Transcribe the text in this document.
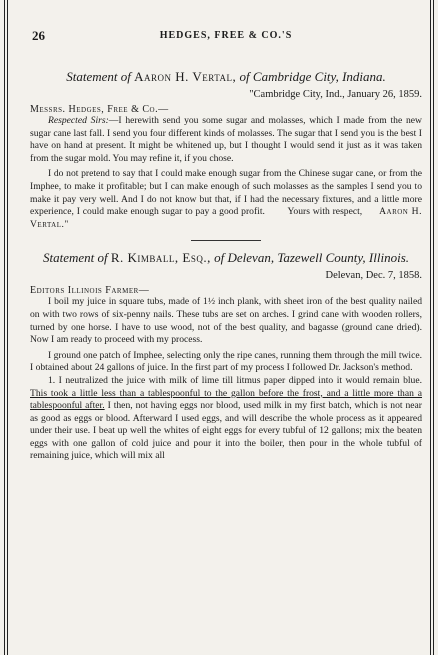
26	HEDGES, FREE & CO.'S
Statement of Aaron H. Vertal, of Cambridge City, Indiana.
"Cambridge City, Ind., January 26, 1859.
Messrs. Hedges, Free & Co.—

Respected Sirs:—I herewith send you some sugar and molasses, which I made from the new sugar cane last fall. I send you four different kinds of molasses. The sugar that I send you is the best I have on hand at present. It might be whitened up, but I thought I would send it just as it was taken from the sugar mold. You may refine it, if you chose.

I do not pretend to say that I could make enough sugar from the Chinese sugar cane, or from the Imphee, to make it profitable; but I can make enough of such molasses as the samples I send you to make it pay very well. And I do not know but that, if I had the necessary fixtures, and a little more experience, I could make enough sugar to pay a good profit. Yours with respect, Aaron H. Vertal."

Statement of R. Kimball, Esq., of Delevan, Tazewell County, Illinois.
Delevan, Dec. 7, 1858.
Editors Illinois Farmer—

I boil my juice in square tubs, made of 1½ inch plank, with sheet iron of the best quality nailed on with two rows of six-penny nails. These tubs are set on arches. I grind cane with wooden rollers, turned by one horse. I have to use wood, not of the best quality, and bagasse (ground cane dried). Now I am ready to proceed with my process.

I ground one patch of Imphee, selecting only the ripe canes, running them through the mill twice. I obtained about 24 gallons of juice. In the first part of my process I followed Dr. Jackson's method.

1. I neutralized the juice with milk of lime till litmus paper dipped into it would remain blue. This took a little less than a tablespoonful to the gallon before the frost, and a little more than a tablespoonful after. I then, not having eggs nor blood, used milk in my first batch, which is not near as good as eggs or blood. Afterward I used eggs, and will describe the whole process as it appeared under their use. I beat up well the whites of eight eggs for every tubful of 12 gallons; mix the beaten eggs with one gallon of cold juice and pour it into the boiler, then pour in the whole tubful of remaining juice, which will mix all
